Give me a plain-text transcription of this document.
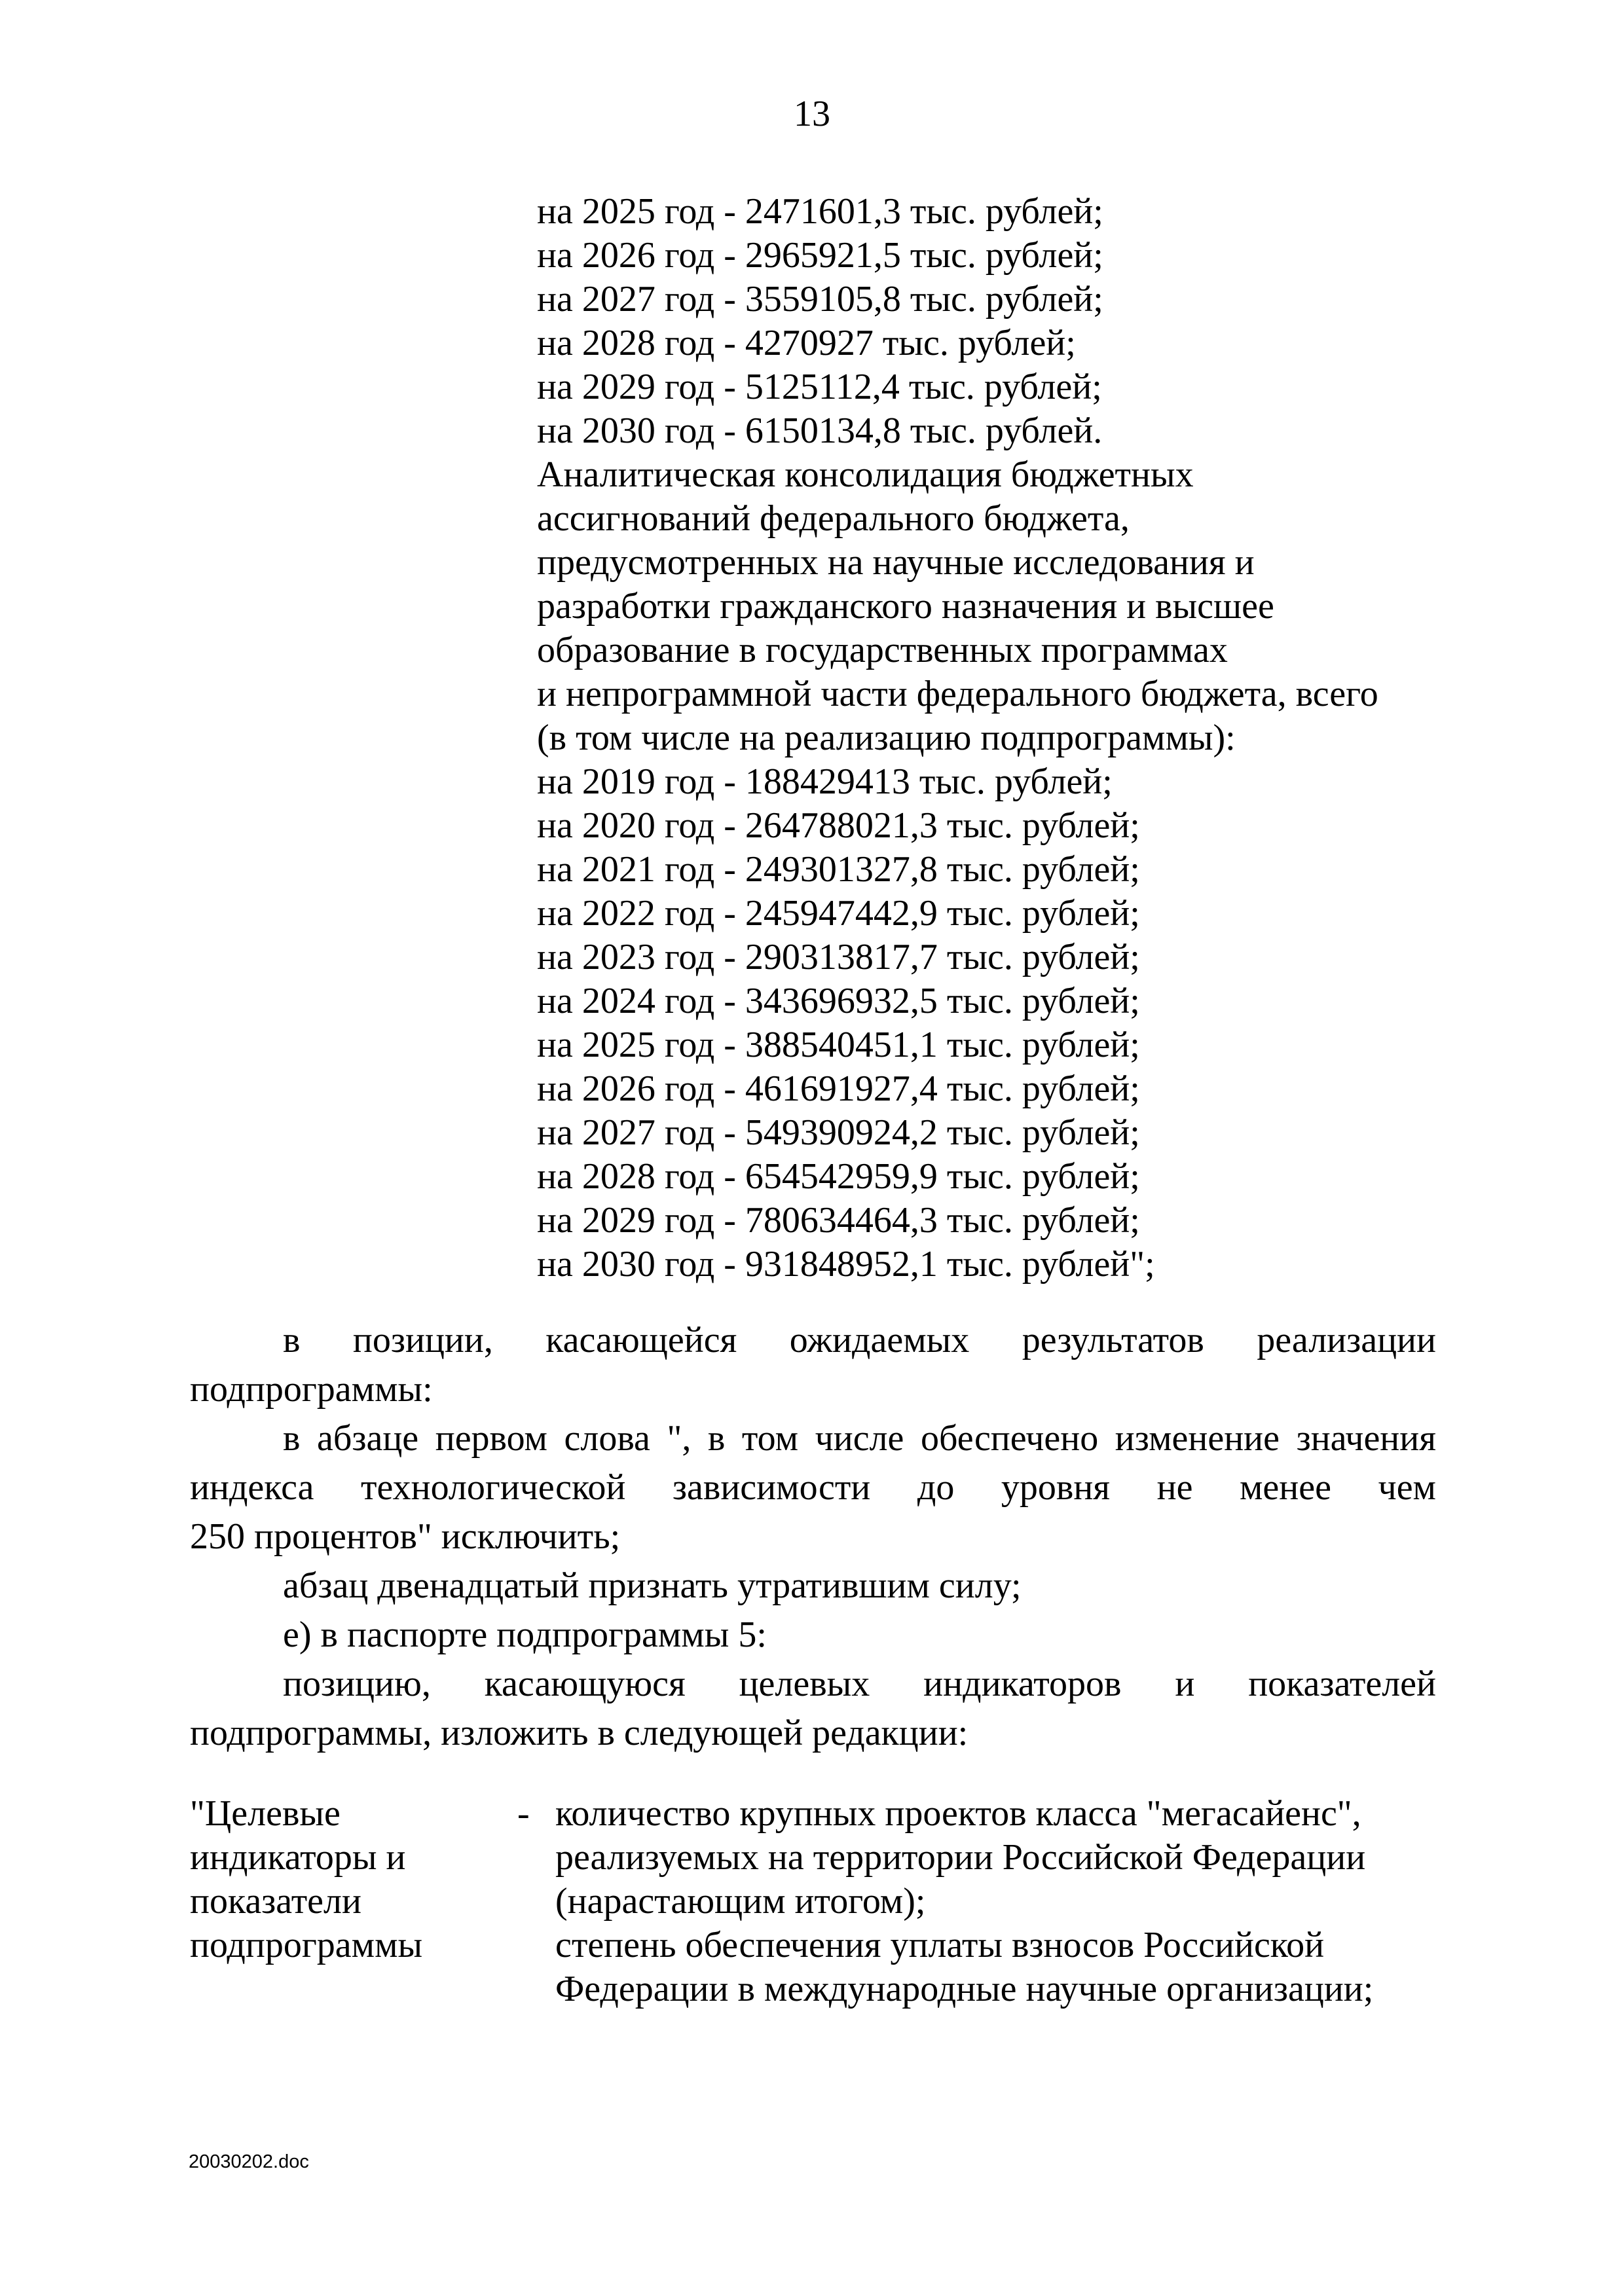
13
на 2025 год - 2471601,3 тыс. рублей;
на 2026 год - 2965921,5 тыс. рублей;
на 2027 год - 3559105,8 тыс. рублей;
на 2028 год - 4270927 тыс. рублей;
на 2029 год - 5125112,4 тыс. рублей;
на 2030 год - 6150134,8 тыс. рублей.
Аналитическая консолидация бюджетных
ассигнований федерального бюджета,
предусмотренных на научные исследования и
разработки гражданского назначения и высшее
образование в государственных программах
и непрограммной части федерального бюджета, всего
(в том числе на реализацию подпрограммы):
на 2019 год - 188429413 тыс. рублей;
на 2020 год - 264788021,3 тыс. рублей;
на 2021 год - 249301327,8 тыс. рублей;
на 2022 год - 245947442,9 тыс. рублей;
на 2023 год - 290313817,7 тыс. рублей;
на 2024 год - 343696932,5 тыс. рублей;
на 2025 год - 388540451,1 тыс. рублей;
на 2026 год - 461691927,4 тыс. рублей;
на 2027 год - 549390924,2 тыс. рублей;
на 2028 год - 654542959,9 тыс. рублей;
на 2029 год - 780634464,3 тыс. рублей;
на 2030 год - 931848952,1 тыс. рублей";
в позиции, касающейся ожидаемых результатов реализации
подпрограммы:
в абзаце первом слова ", в том числе обеспечено изменение значения
индекса технологической зависимости до уровня не менее чем
250 процентов" исключить;
абзац двенадцатый признать утратившим силу;
е) в паспорте подпрограммы 5:
позицию, касающуюся целевых индикаторов и показателей
подпрограммы, изложить в следующей редакции:
"Целевые
индикаторы и
показатели
подпрограммы
- количество крупных проектов класса "мегасайенс",
реализуемых на территории Российской Федерации
(нарастающим итогом);
степень обеспечения уплаты взносов Российской
Федерации в международные научные организации;
20030202.doc
